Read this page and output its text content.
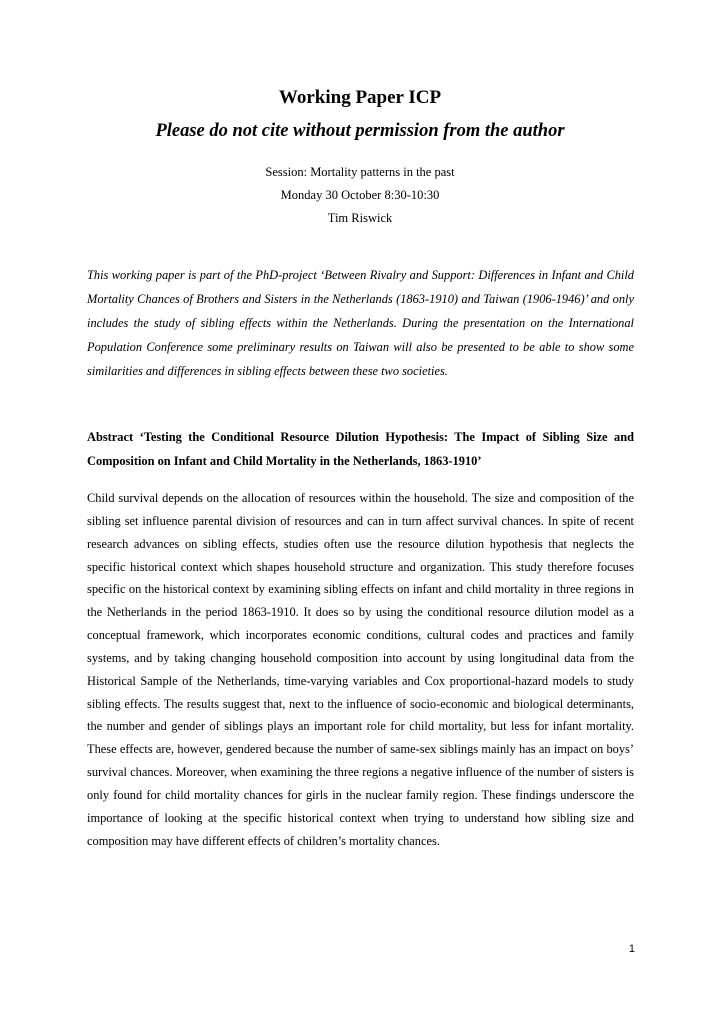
Working Paper ICP
Please do not cite without permission from the author
Session: Mortality patterns in the past
Monday 30 October 8:30-10:30
Tim Riswick

This working paper is part of the PhD-project ‘Between Rivalry and Support: Differences in Infant and Child Mortality Chances of Brothers and Sisters in the Netherlands (1863-1910) and Taiwan (1906-1946)’ and only includes the study of sibling effects within the Netherlands. During the presentation on the International Population Conference some preliminary results on Taiwan will also be presented to be able to show some similarities and differences in sibling effects between these two societies.

Abstract ‘Testing the Conditional Resource Dilution Hypothesis: The Impact of Sibling Size and Composition on Infant and Child Mortality in the Netherlands, 1863-1910’

Child survival depends on the allocation of resources within the household. The size and composition of the sibling set influence parental division of resources and can in turn affect survival chances. In spite of recent research advances on sibling effects, studies often use the resource dilution hypothesis that neglects the specific historical context which shapes household structure and organization. This study therefore focuses specific on the historical context by examining sibling effects on infant and child mortality in three regions in the Netherlands in the period 1863-1910. It does so by using the conditional resource dilution model as a conceptual framework, which incorporates economic conditions, cultural codes and practices and family systems, and by taking changing household composition into account by using longitudinal data from the Historical Sample of the Netherlands, time-varying variables and Cox proportional-hazard models to study sibling effects. The results suggest that, next to the influence of socio-economic and biological determinants, the number and gender of siblings plays an important role for child mortality, but less for infant mortality. These effects are, however, gendered because the number of same-sex siblings mainly has an impact on boys’ survival chances. Moreover, when examining the three regions a negative influence of the number of sisters is only found for child mortality chances for girls in the nuclear family region. These findings underscore the importance of looking at the specific historical context when trying to understand how sibling size and composition may have different effects of children’s mortality chances.

1
